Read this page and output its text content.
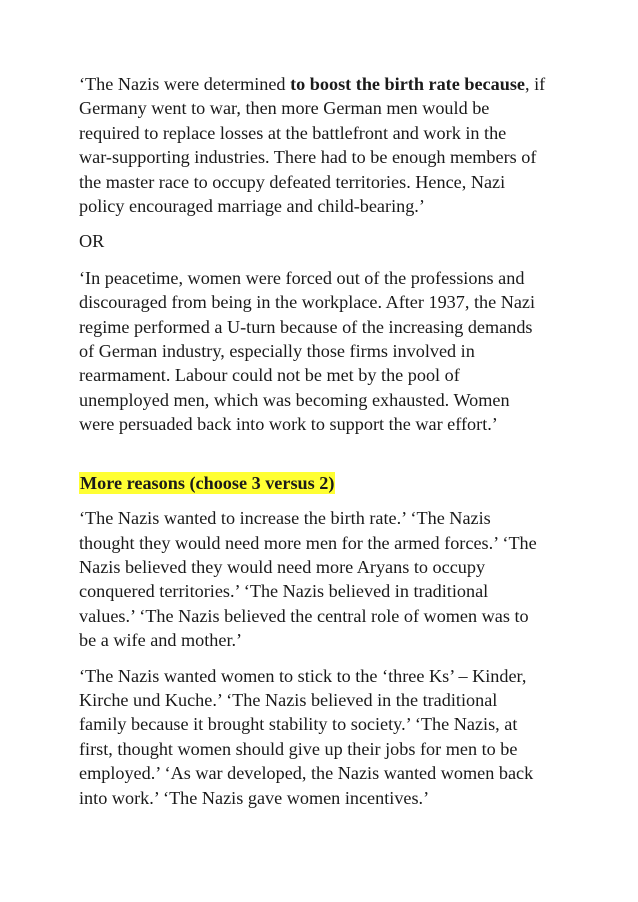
‘The Nazis were determined to boost the birth rate because, if
Germany went to war, then more German men would be
required to replace losses at the battlefront and work in the
war-supporting industries. There had to be enough members of
the master race to occupy defeated territories. Hence, Nazi
policy encouraged marriage and child-bearing.’

OR

‘In peacetime, women were forced out of the professions and
discouraged from being in the workplace. After 1937, the Nazi
regime performed a U-turn because of the increasing demands
of German industry, especially those firms involved in
rearmament. Labour could not be met by the pool of
unemployed men, which was becoming exhausted. Women
were persuaded back into work to support the war effort.’

More reasons (choose 3 versus 2)

‘The Nazis wanted to increase the birth rate.’ ‘The Nazis
thought they would need more men for the armed forces.’ ‘The
Nazis believed they would need more Aryans to occupy
conquered territories.’ ‘The Nazis believed in traditional
values.’ ‘The Nazis believed the central role of women was to
be a wife and mother.’

‘The Nazis wanted women to stick to the ‘three Ks’ – Kinder,
Kirche und Kuche.’ ‘The Nazis believed in the traditional
family because it brought stability to society.’ ‘The Nazis, at
first, thought women should give up their jobs for men to be
employed.’ ‘As war developed, the Nazis wanted women back
into work.’ ‘The Nazis gave women incentives.’
